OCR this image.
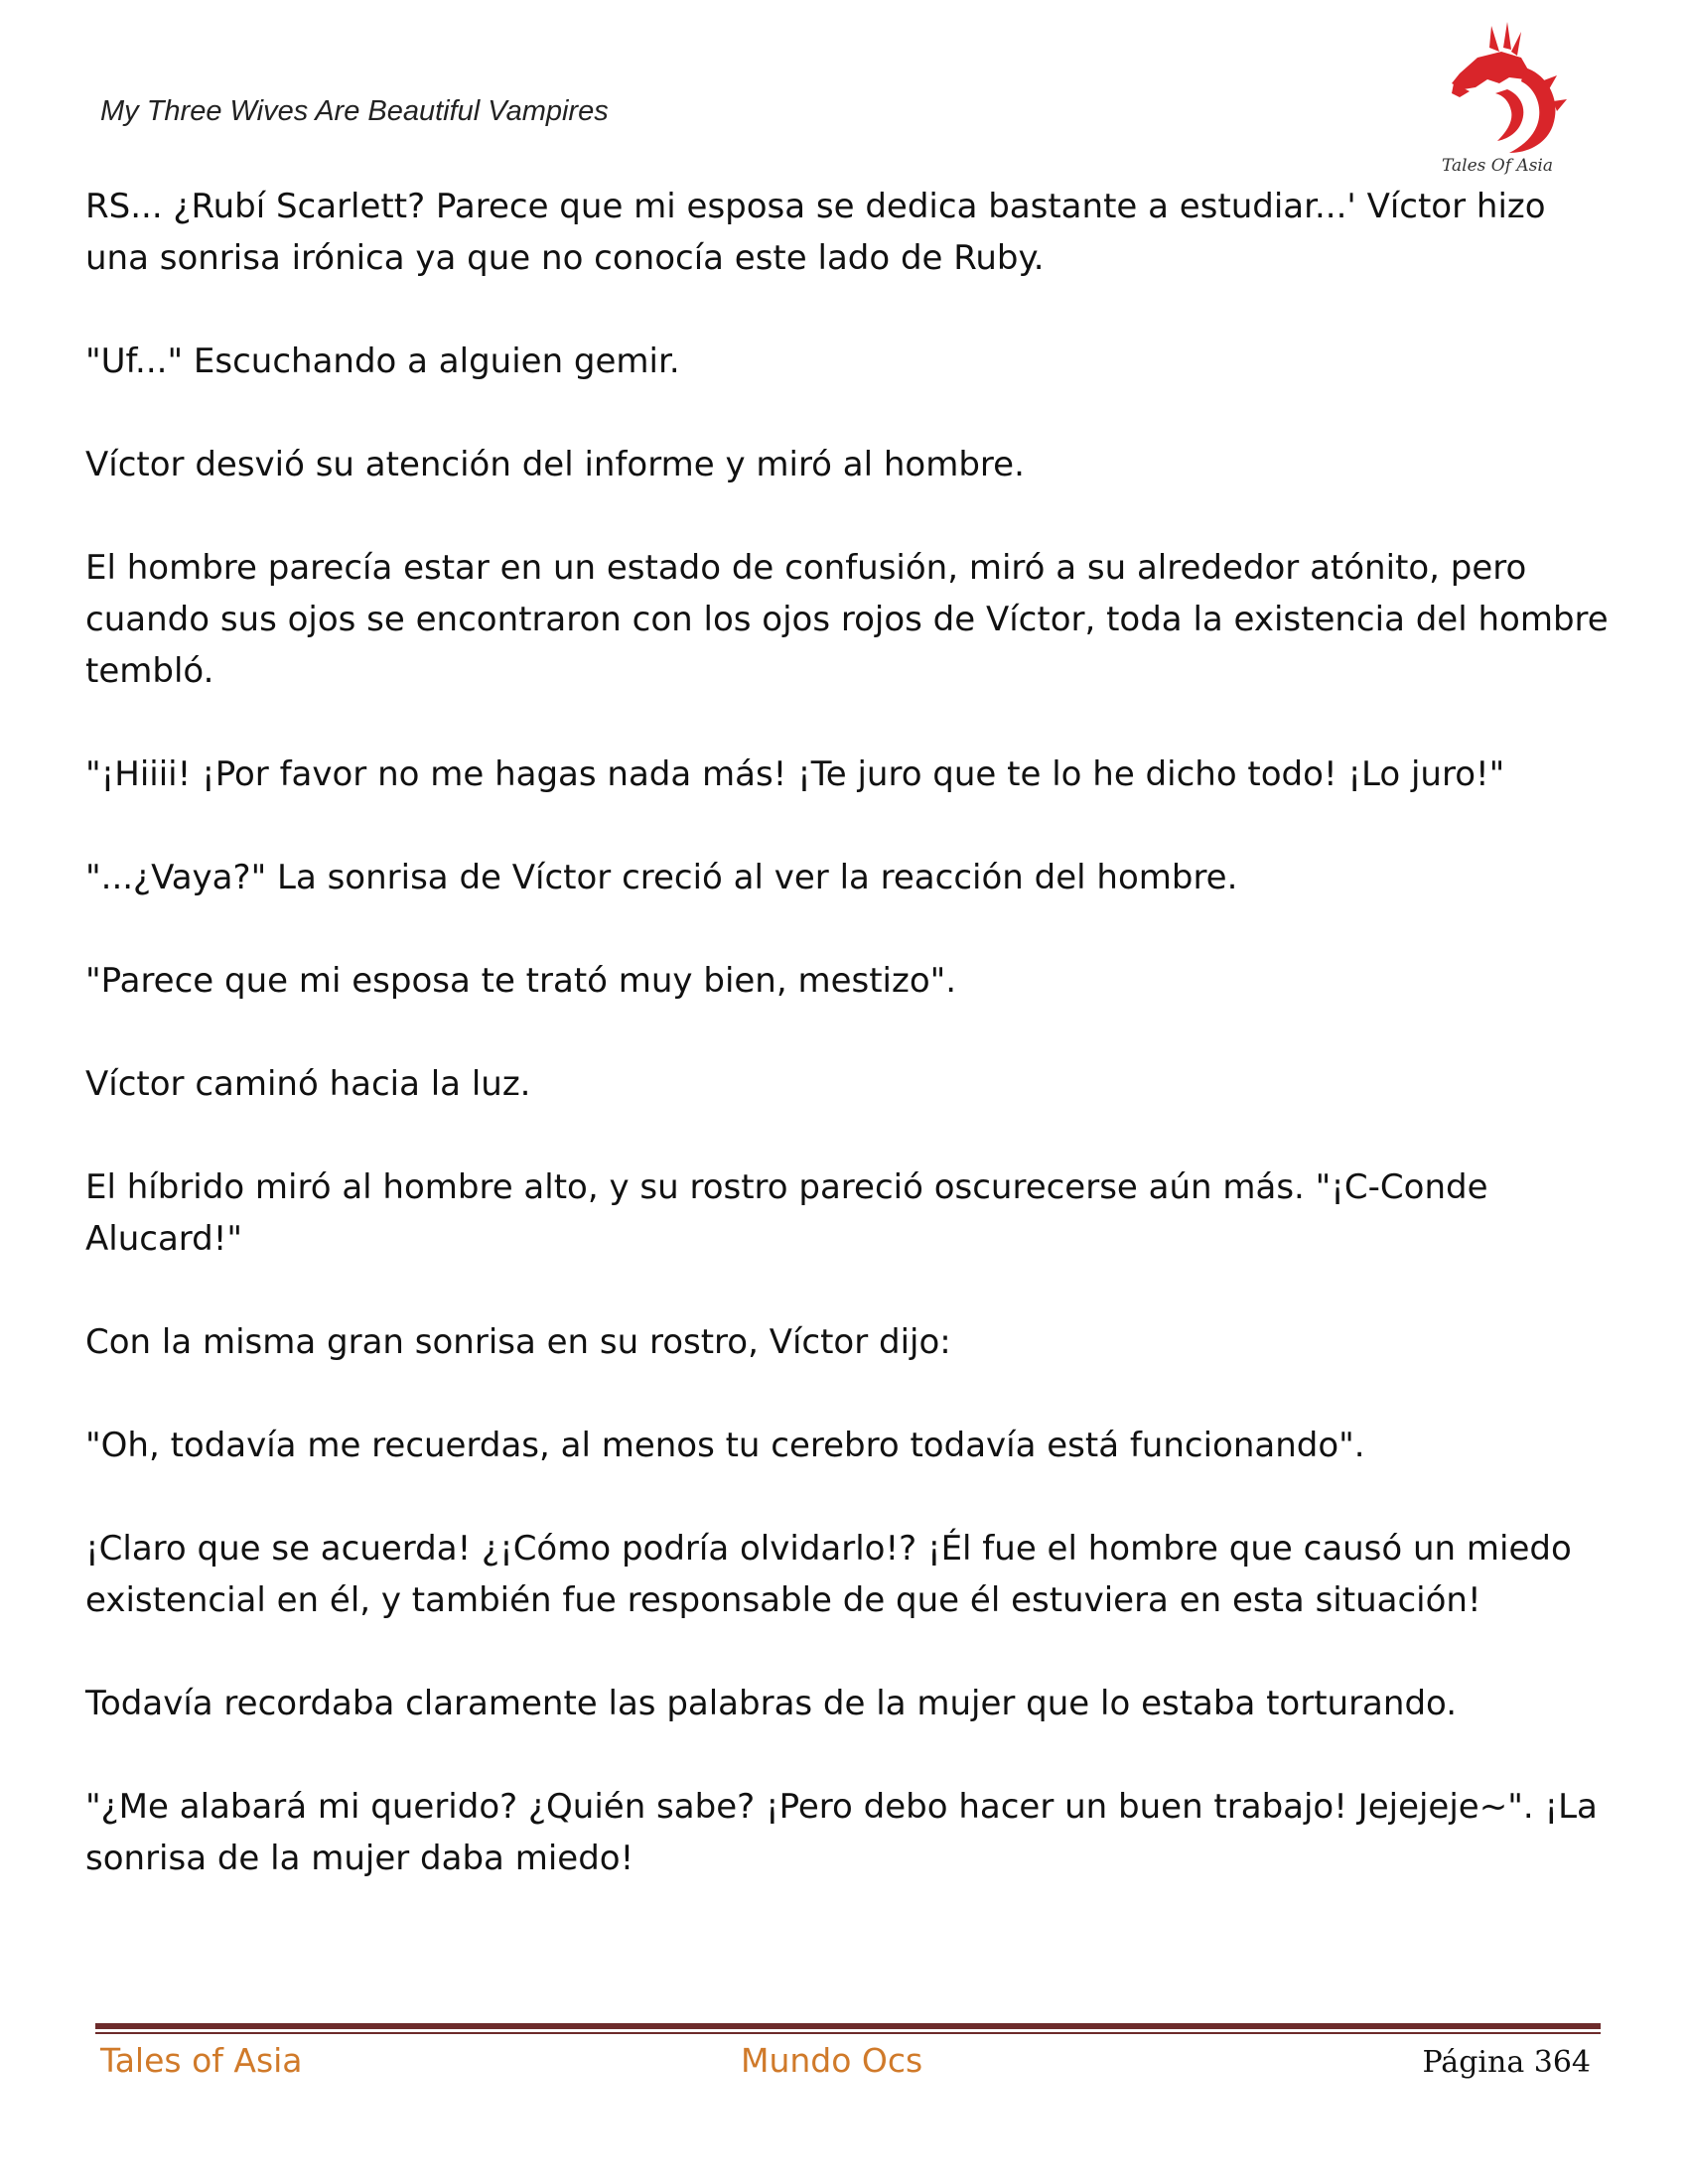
My Three Wives Are Beautiful Vampires

Tales Of Asia

RS... ¿Rubí Scarlett? Parece que mi esposa se dedica bastante a estudiar...' Víctor hizo una sonrisa irónica ya que no conocía este lado de Ruby.

"Uf..." Escuchando a alguien gemir.

Víctor desvió su atención del informe y miró al hombre.

El hombre parecía estar en un estado de confusión, miró a su alrededor atónito, pero cuando sus ojos se encontraron con los ojos rojos de Víctor, toda la existencia del hombre tembló.

"¡Hiiii! ¡Por favor no me hagas nada más! ¡Te juro que te lo he dicho todo! ¡Lo juro!"

"...¿Vaya?" La sonrisa de Víctor creció al ver la reacción del hombre.

"Parece que mi esposa te trató muy bien, mestizo".

Víctor caminó hacia la luz.

El híbrido miró al hombre alto, y su rostro pareció oscurecerse aún más. "¡C-Conde Alucard!"

Con la misma gran sonrisa en su rostro, Víctor dijo:

"Oh, todavía me recuerdas, al menos tu cerebro todavía está funcionando".

¡Claro que se acuerda! ¿¡Cómo podría olvidarlo!? ¡Él fue el hombre que causó un miedo existencial en él, y también fue responsable de que él estuviera en esta situación!

Todavía recordaba claramente las palabras de la mujer que lo estaba torturando.

"¿Me alabará mi querido? ¿Quién sabe? ¡Pero debo hacer un buen trabajo! Jejejeje~". ¡La sonrisa de la mujer daba miedo!

Tales of Asia	Mundo Ocs	Página 364
